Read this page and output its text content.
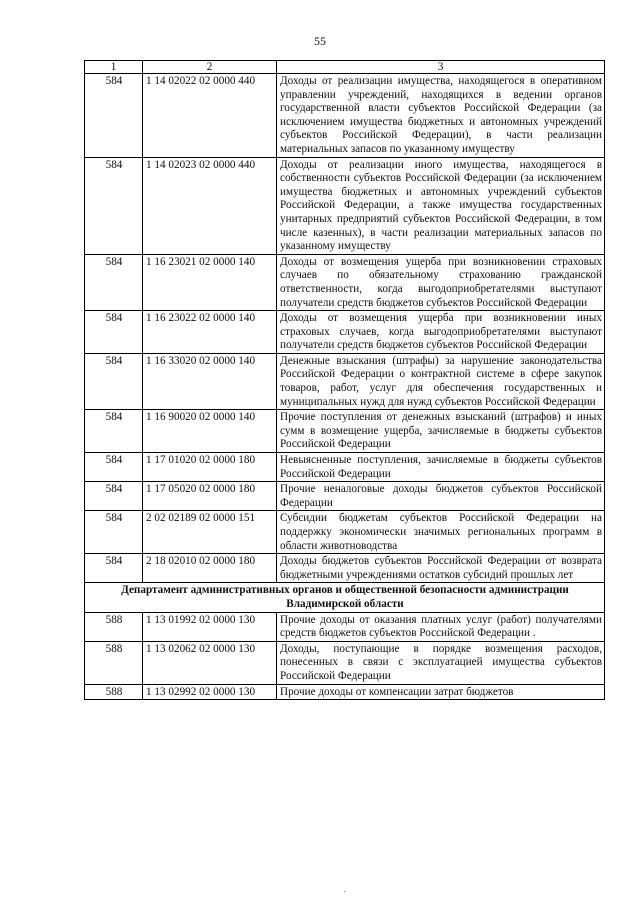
55
1	2	3
584	1 14 02022 02 0000 440	Доходы от реализации имущества, находящегося в оперативном управлении учреждений, находящихся в ведении органов государственной власти субъектов Российской Федерации (за исключением имущества бюджетных и автономных учреждений субъектов Российской Федерации), в части реализации материальных запасов по указанному имуществу
584	1 14 02023 02 0000 440	Доходы от реализации иного имущества, находящегося в собственности субъектов Российской Федерации (за исключением имущества бюджетных и автономных учреждений субъектов Российской Федерации, а также имущества государственных унитарных предприятий субъектов Российской Федерации, в том числе казенных), в части реализации материальных запасов по указанному имуществу
584	1 16 23021 02 0000 140	Доходы от возмещения ущерба при возникновении страховых случаев по обязательному страхованию гражданской ответственности, когда выгодоприобретателями выступают получатели средств бюджетов субъектов Российской Федерации
584	1 16 23022 02 0000 140	Доходы от возмещения ущерба при возникновении иных страховых случаев, когда выгодоприобретателями выступают получатели средств бюджетов субъектов Российской Федерации
584	1 16 33020 02 0000 140	Денежные взыскания (штрафы) за нарушение законодательства Российской Федерации о контрактной системе в сфере закупок товаров, работ, услуг для обеспечения государственных и муниципальных нужд для нужд субъектов Российской Федерации
584	1 16 90020 02 0000 140	Прочие поступления от денежных взысканий (штрафов) и иных сумм в возмещение ущерба, зачисляемые в бюджеты субъектов Российской Федерации
584	1 17 01020 02 0000 180	Невыясненные поступления, зачисляемые в бюджеты субъектов Российской Федерации
584	1 17 05020 02 0000 180	Прочие неналоговые доходы бюджетов субъектов Российской Федерации
584	2 02 02189 02 0000 151	Субсидии бюджетам субъектов Российской Федерации на поддержку экономически значимых региональных программ в области животноводства
584	2 18 02010 02 0000 180	Доходы бюджетов субъектов Российской Федерации от возврата бюджетными учреждениями остатков субсидий прошлых лет
Департамент административных органов и общественной безопасности администрации Владимирской области		
588	1 13 01992 02 0000 130	Прочие доходы от оказания платных услуг (работ) получателями средств бюджетов субъектов Российской Федерации .
588	1 13 02062 02 0000 130	Доходы, поступающие в порядке возмещения расходов, понесенных в связи с эксплуатацией имущества субъектов Российской Федерации
588	1 13 02992 02 0000 130	Прочие доходы от компенсации затрат бюджетов
.
